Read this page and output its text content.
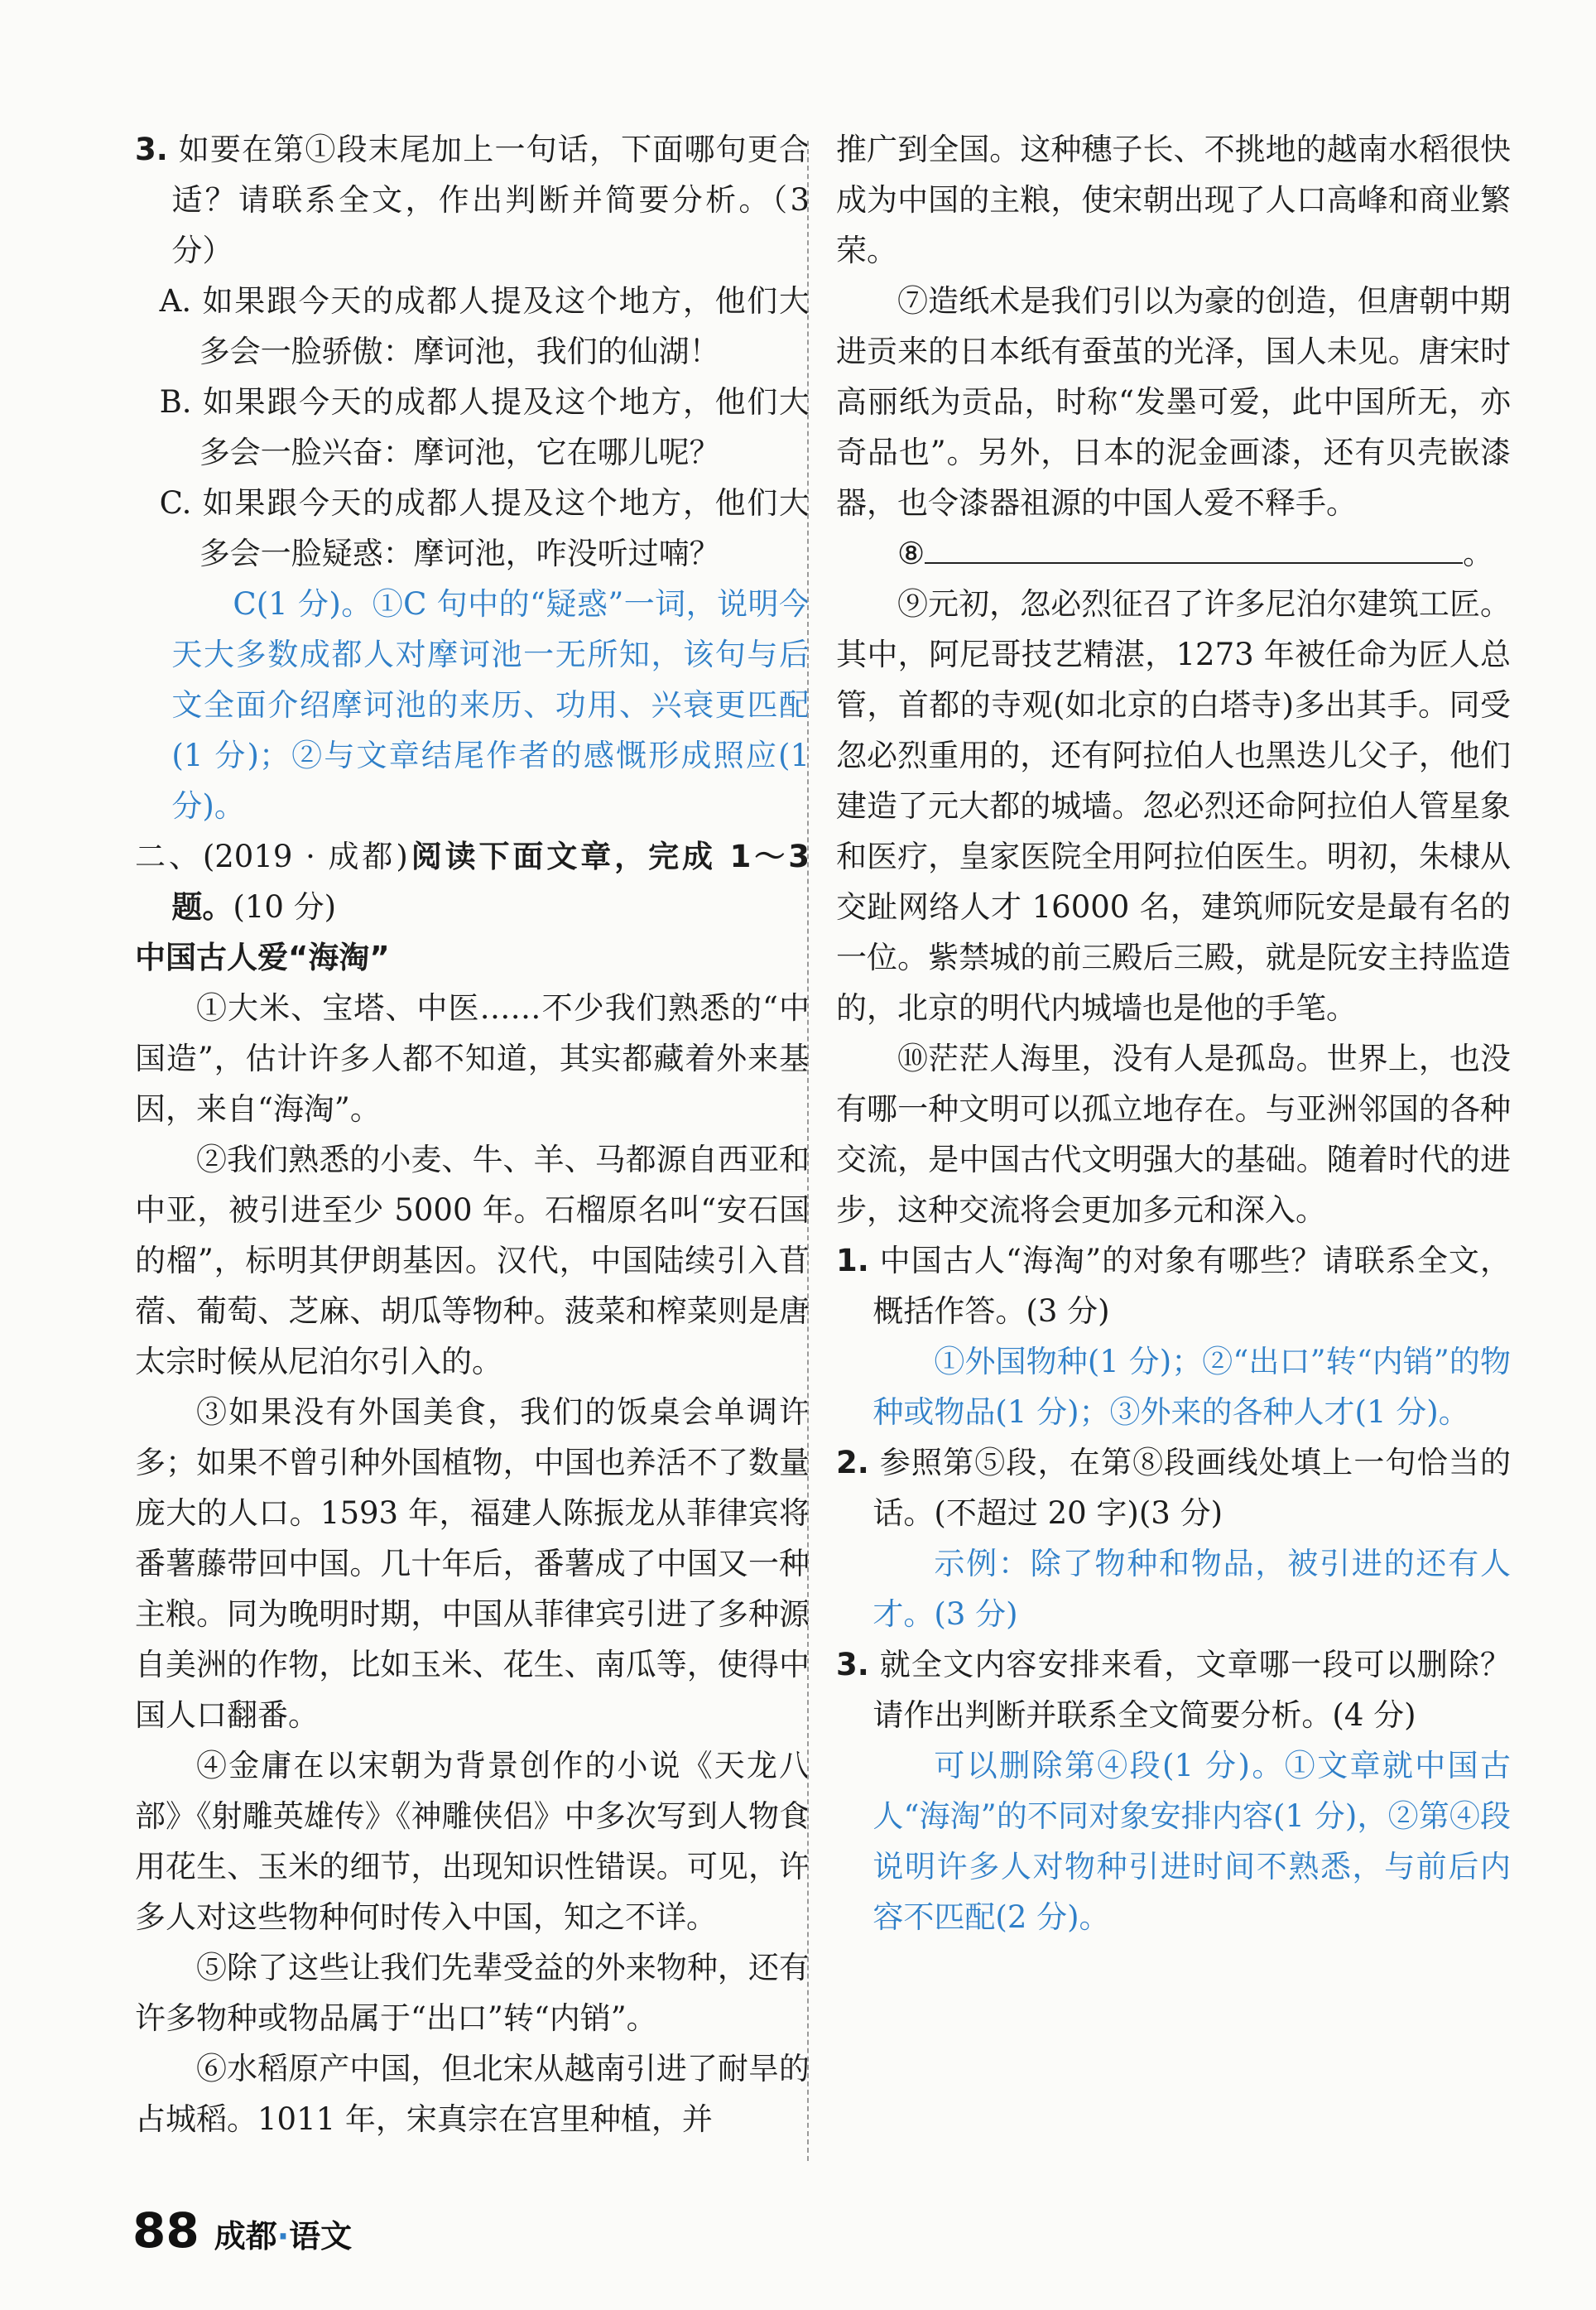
3. 如要在第①段末尾加上一句话，下面哪句更合适？请联系全文，作出判断并简要分析。（3 分）

A. 如果跟今天的成都人提及这个地方，他们大多会一脸骄傲：摩诃池，我们的仙湖！

B. 如果跟今天的成都人提及这个地方，他们大多会一脸兴奋：摩诃池，它在哪儿呢？

C. 如果跟今天的成都人提及这个地方，他们大多会一脸疑惑：摩诃池，咋没听过喃？

C(1 分)。①C 句中的“疑惑”一词，说明今天大多数成都人对摩诃池一无所知，该句与后文全面介绍摩诃池的来历、功用、兴衰更匹配(1 分)；②与文章结尾作者的感慨形成照应(1 分)。

二、(2019 · 成都)阅读下面文章，完成 1～3 题。(10 分)

中国古人爱“海淘”

①大米、宝塔、中医……不少我们熟悉的“中国造”，估计许多人都不知道，其实都藏着外来基因，来自“海淘”。

②我们熟悉的小麦、牛、羊、马都源自西亚和中亚，被引进至少 5000 年。石榴原名叫“安石国的榴”，标明其伊朗基因。汉代，中国陆续引入苜蓿、葡萄、芝麻、胡瓜等物种。菠菜和榨菜则是唐太宗时候从尼泊尔引入的。

③如果没有外国美食，我们的饭桌会单调许多；如果不曾引种外国植物，中国也养活不了数量庞大的人口。1593 年，福建人陈振龙从菲律宾将番薯藤带回中国。几十年后，番薯成了中国又一种主粮。同为晚明时期，中国从菲律宾引进了多种源自美洲的作物，比如玉米、花生、南瓜等，使得中国人口翻番。

④金庸在以宋朝为背景创作的小说《天龙八部》《射雕英雄传》《神雕侠侣》中多次写到人物食用花生、玉米的细节，出现知识性错误。可见，许多人对这些物种何时传入中国，知之不详。

⑤除了这些让我们先辈受益的外来物种，还有许多物种或物品属于“出口”转“内销”。

⑥水稻原产中国，但北宋从越南引进了耐旱的占城稻。1011 年，宋真宗在宫里种植，并

推广到全国。这种穗子长、不挑地的越南水稻很快成为中国的主粮，使宋朝出现了人口高峰和商业繁荣。

⑦造纸术是我们引以为豪的创造，但唐朝中期进贡来的日本纸有蚕茧的光泽，国人未见。唐宋时高丽纸为贡品，时称“发墨可爱，此中国所无，亦奇品也”。另外，日本的泥金画漆，还有贝壳嵌漆器，也令漆器祖源的中国人爱不释手。

⑧	。

⑨元初，忽必烈征召了许多尼泊尔建筑工匠。其中，阿尼哥技艺精湛，1273 年被任命为匠人总管，首都的寺观(如北京的白塔寺)多出其手。同受忽必烈重用的，还有阿拉伯人也黑迭儿父子，他们建造了元大都的城墙。忽必烈还命阿拉伯人管星象和医疗，皇家医院全用阿拉伯医生。明初，朱棣从交趾网络人才 16000 名，建筑师阮安是最有名的一位。紫禁城的前三殿后三殿，就是阮安主持监造的，北京的明代内城墙也是他的手笔。

⑩茫茫人海里，没有人是孤岛。世界上，也没有哪一种文明可以孤立地存在。与亚洲邻国的各种交流，是中国古代文明强大的基础。随着时代的进步，这种交流将会更加多元和深入。

1. 中国古人“海淘”的对象有哪些？请联系全文，概括作答。(3 分)

①外国物种(1 分)；②“出口”转“内销”的物种或物品(1 分)；③外来的各种人才(1 分)。

2. 参照第⑤段，在第⑧段画线处填上一句恰当的话。(不超过 20 字)(3 分)

示例：除了物种和物品，被引进的还有人才。(3 分)

3. 就全文内容安排来看，文章哪一段可以删除？请作出判断并联系全文简要分析。(4 分)

可以删除第④段(1 分)。①文章就中国古人“海淘”的不同对象安排内容(1 分)，②第④段说明许多人对物种引进时间不熟悉，与前后内容不匹配(2 分)。

88 成都·语文
